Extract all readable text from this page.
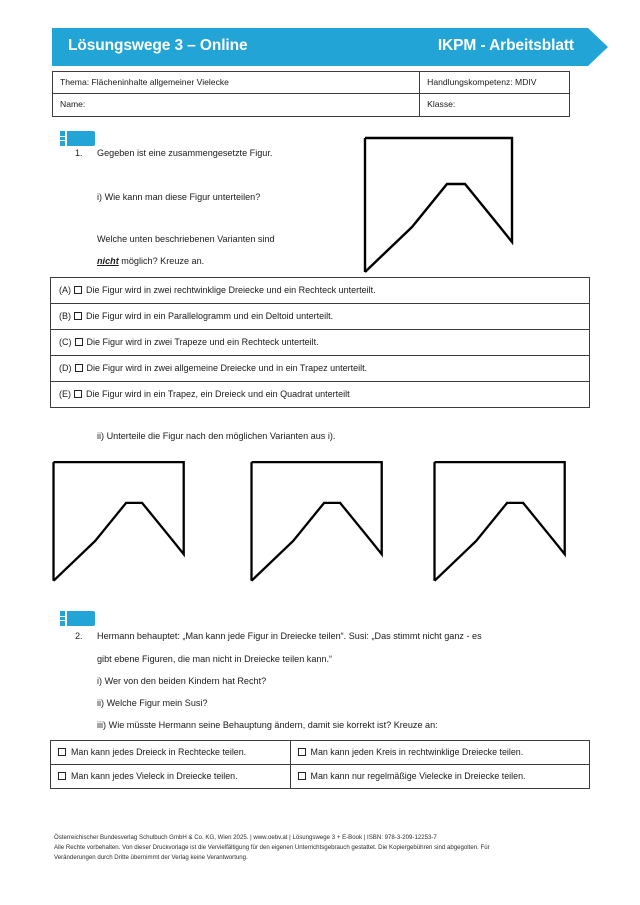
Lösungswege 3 – Online	IKPM - Arbeitsblatt
Thema: Flächeninhalte allgemeiner Vielecke	Handlungskompetenz: MDIV
Name:	Klasse:
1. Gegeben ist eine zusammengesetzte Figur.
i) Wie kann man diese Figur unterteilen?
Welche unten beschriebenen Varianten sind
nicht möglich? Kreuze an.
(A) Die Figur wird in zwei rechtwinklige Dreiecke und ein Rechteck unterteilt.
(B) Die Figur wird in ein Parallelogramm und ein Deltoid unterteilt.
(C) Die Figur wird in zwei Trapeze und ein Rechteck unterteilt.
(D) Die Figur wird in zwei allgemeine Dreiecke und in ein Trapez unterteilt.
(E) Die Figur wird in ein Trapez, ein Dreieck und ein Quadrat unterteilt
ii) Unterteile die Figur nach den möglichen Varianten aus i).
2. Hermann behauptet: „Man kann jede Figur in Dreiecke teilen“. Susi: „Das stimmt nicht ganz - es
gibt ebene Figuren, die man nicht in Dreiecke teilen kann.“
i) Wer von den beiden Kindern hat Recht?
ii) Welche Figur mein Susi?
iii) Wie müsste Hermann seine Behauptung ändern, damit sie korrekt ist? Kreuze an:
Man kann jedes Dreieck in Rechtecke teilen.	Man kann jeden Kreis in rechtwinklige Dreiecke teilen.
Man kann jedes Vieleck in Dreiecke teilen.	Man kann nur regelmäßige Vielecke in Dreiecke teilen.
Österreichischer Bundesverlag Schulbuch GmbH & Co. KG, Wien 2025. | www.oebv.at | Lösungswege 3 + E-Book | ISBN: 978-3-209-12253-7
Alle Rechte vorbehalten. Von dieser Druckvorlage ist die Vervielfältigung für den eigenen Unterrichtsgebrauch gestattet. Die Kopiergebühren sind abgegolten. Für
Veränderungen durch Dritte übernimmt der Verlag keine Verantwortung.
